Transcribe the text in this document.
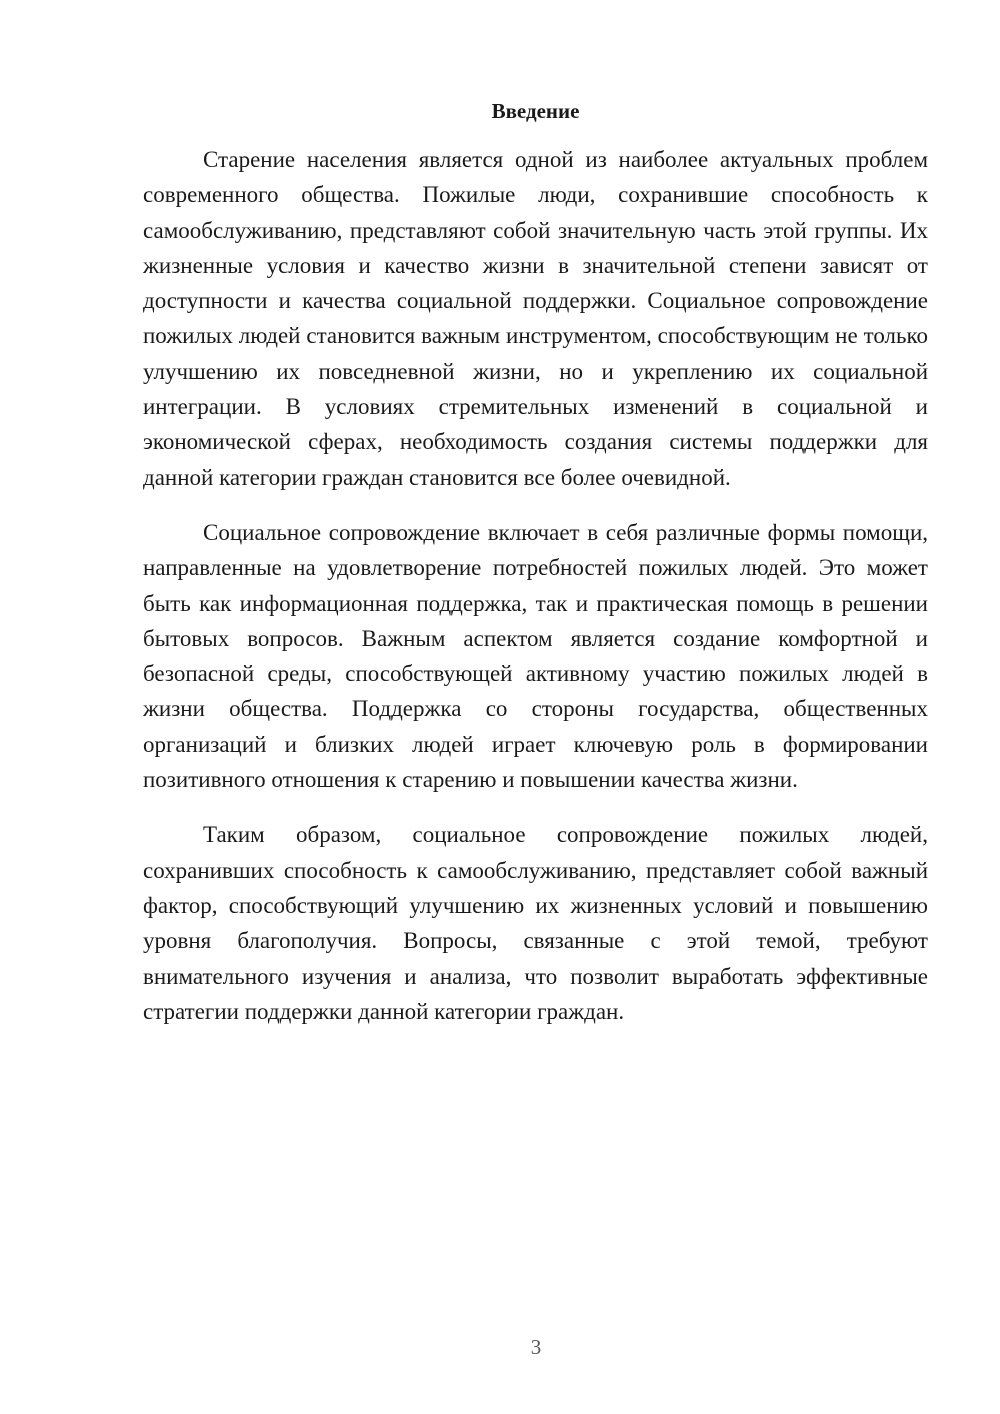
Введение

Старение населения является одной из наиболее актуальных проблем современного общества. Пожилые люди, сохранившие способность к самообслуживанию, представляют собой значительную часть этой группы. Их жизненные условия и качество жизни в значительной степени зависят от доступности и качества социальной поддержки. Социальное сопровождение пожилых людей становится важным инструментом, способствующим не только улучшению их повседневной жизни, но и укреплению их социальной интеграции. В условиях стремительных изменений в социальной и экономической сферах, необходимость создания системы поддержки для данной категории граждан становится все более очевидной.

Социальное сопровождение включает в себя различные формы помощи, направленные на удовлетворение потребностей пожилых людей. Это может быть как информационная поддержка, так и практическая помощь в решении бытовых вопросов. Важным аспектом является создание комфортной и безопасной среды, способствующей активному участию пожилых людей в жизни общества. Поддержка со стороны государства, общественных организаций и близких людей играет ключевую роль в формировании позитивного отношения к старению и повышении качества жизни.

Таким образом, социальное сопровождение пожилых людей, сохранивших способность к самообслуживанию, представляет собой важный фактор, способствующий улучшению их жизненных условий и повышению уровня благополучия. Вопросы, связанные с этой темой, требуют внимательного изучения и анализа, что позволит выработать эффективные стратегии поддержки данной категории граждан.

3
